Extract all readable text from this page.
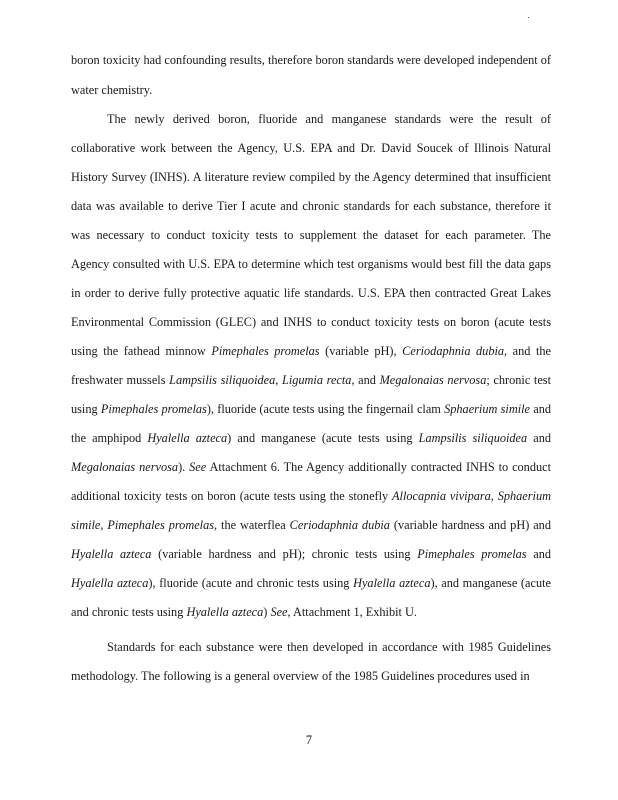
boron toxicity had confounding results, therefore boron standards were developed independent of
water chemistry.
The newly derived boron, fluoride and manganese standards were the result of
collaborative work between the Agency, U.S. EPA and Dr. David Soucek of Illinois Natural
History Survey (INHS). A literature review compiled by the Agency determined that insufficient
data was available to derive Tier I acute and chronic standards for each substance, therefore it
was necessary to conduct toxicity tests to supplement the dataset for each parameter. The
Agency consulted with U.S. EPA to determine which test organisms would best fill the data gaps
in order to derive fully protective aquatic life standards. U.S. EPA then contracted Great Lakes
Environmental Commission (GLEC) and INHS to conduct toxicity tests on boron (acute tests
using the fathead minnow Pimephales promelas (variable pH), Ceriodaphnia dubia, and the
freshwater mussels Lampsilis siliquoidea, Ligumia recta, and Megalonaias nervosa; chronic test
using Pimephales promelas), fluoride (acute tests using the fingernail clam Sphaerium simile and
the amphipod Hyalella azteca) and manganese (acute tests using Lampsilis siliquoidea and
Megalonaias nervosa). See Attachment 6. The Agency additionally contracted INHS to conduct
additional toxicity tests on boron (acute tests using the stonefly Allocapnia vivipara, Sphaerium
simile, Pimephales promelas, the waterflea Ceriodaphnia dubia (variable hardness and pH) and
Hyalella azteca (variable hardness and pH); chronic tests using Pimephales promelas and
Hyalella azteca), fluoride (acute and chronic tests using Hyalella azteca), and manganese (acute
and chronic tests using Hyalella azteca) See, Attachment 1, Exhibit U.
Standards for each substance were then developed in accordance with 1985 Guidelines
methodology. The following is a general overview of the 1985 Guidelines procedures used in
7
